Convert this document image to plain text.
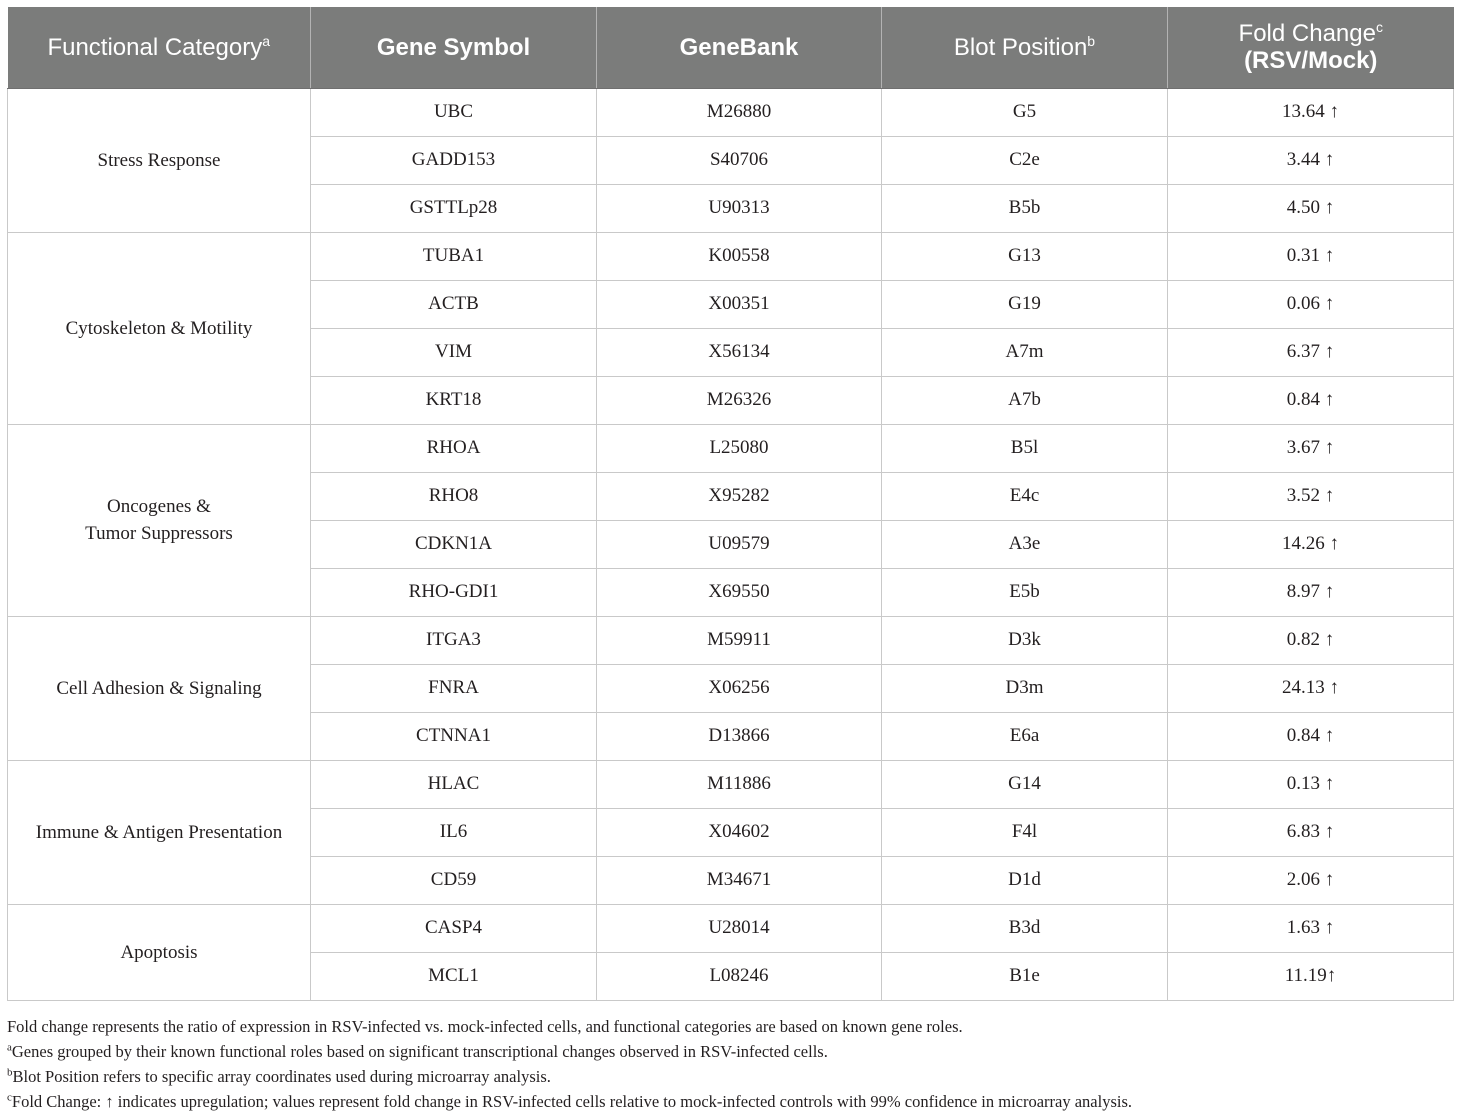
Functional Category$^a$	Gene Symbol	GeneBank	Blot Position$^b$	Fold Change$^c$
(RSV/Mock)
Stress Response	UBC	M26880	G5	13.64 ↑
	GADD153	S40706	C2e	3.44 ↑
	GSTTLp28	U90313	B5b	4.50 ↑
Cytoskeleton & Motility	TUBA1	K00558	G13	0.31 ↑
	ACTB	X00351	G19	0.06 ↑
	VIM	X56134	A7m	6.37 ↑
	KRT18	M26326	A7b	0.84 ↑
Oncogenes &
Tumor Suppressors	RHOA	L25080	B5l	3.67 ↑
	RHO8	X95282	E4c	3.52 ↑
	CDKN1A	U09579	A3e	14.26 ↑
	RHO-GDI1	X69550	E5b	8.97 ↑
Cell Adhesion & Signaling	ITGA3	M59911	D3k	0.82 ↑
	FNRA	X06256	D3m	24.13 ↑
	CTNNA1	D13866	E6a	0.84 ↑
Immune & Antigen Presentation	HLAC	M11886	G14	0.13 ↑
	IL6	X04602	F4l	6.83 ↑
	CD59	M34671	D1d	2.06 ↑
Apoptosis	CASP4	U28014	B3d	1.63 ↑
	MCL1	L08246	B1e	11.19↑

Fold change represents the ratio of expression in RSV-infected vs. mock-infected cells, and functional categories are based on known gene roles.

$^a$Genes grouped by their known functional roles based on significant transcriptional changes observed in RSV-infected cells.

$^b$Blot Position refers to specific array coordinates used during microarray analysis.

$^c$Fold Change: ↑ indicates upregulation; values represent fold change in RSV-infected cells relative to mock-infected controls with 99% confidence in microarray analysis.
